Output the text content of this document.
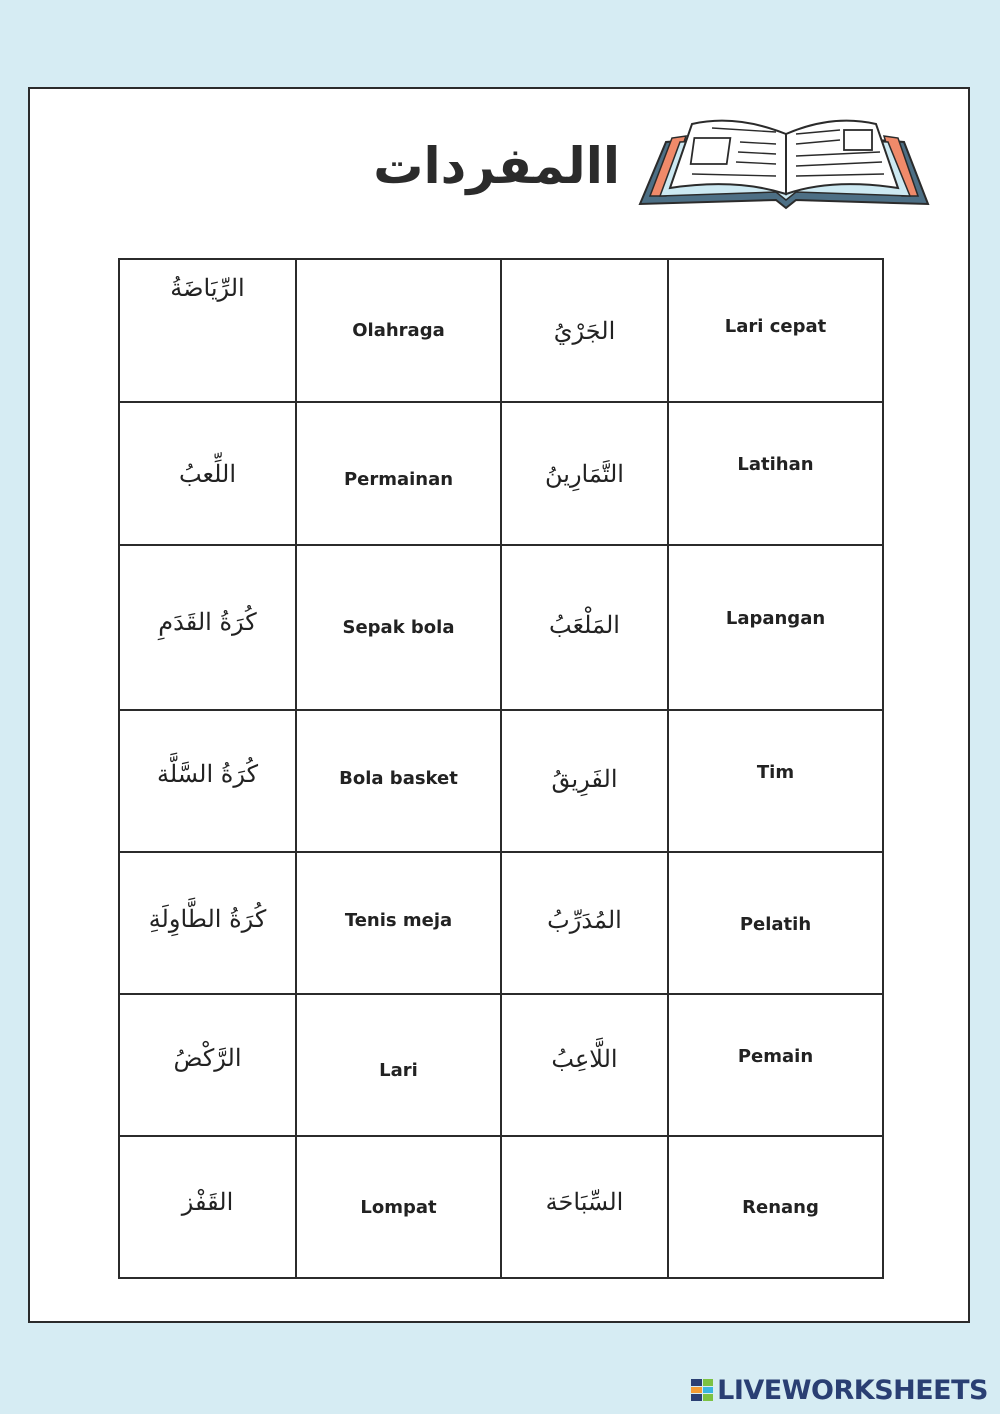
االمفردات
الرِّيَاضَةُ	Olahraga	الجَرْيُ	Lari cepat
اللِّعبُ	Permainan	التَّمَارِينُ	Latihan
كُرَةُ القَدَمِ	Sepak bola	المَلْعَبُ	Lapangan
كُرَةُ السَّلَّة	Bola basket	الفَرِيقُ	Tim
كُرَةُ الطَّاوِلَةِ	Tenis meja	المُدَرِّبُ	Pelatih
الرَّكْضُ	Lari	اللَّاعِبُ	Pemain
القَفْز	Lompat	السِّبَاحَة	Renang
LIVEWORKSHEETS
